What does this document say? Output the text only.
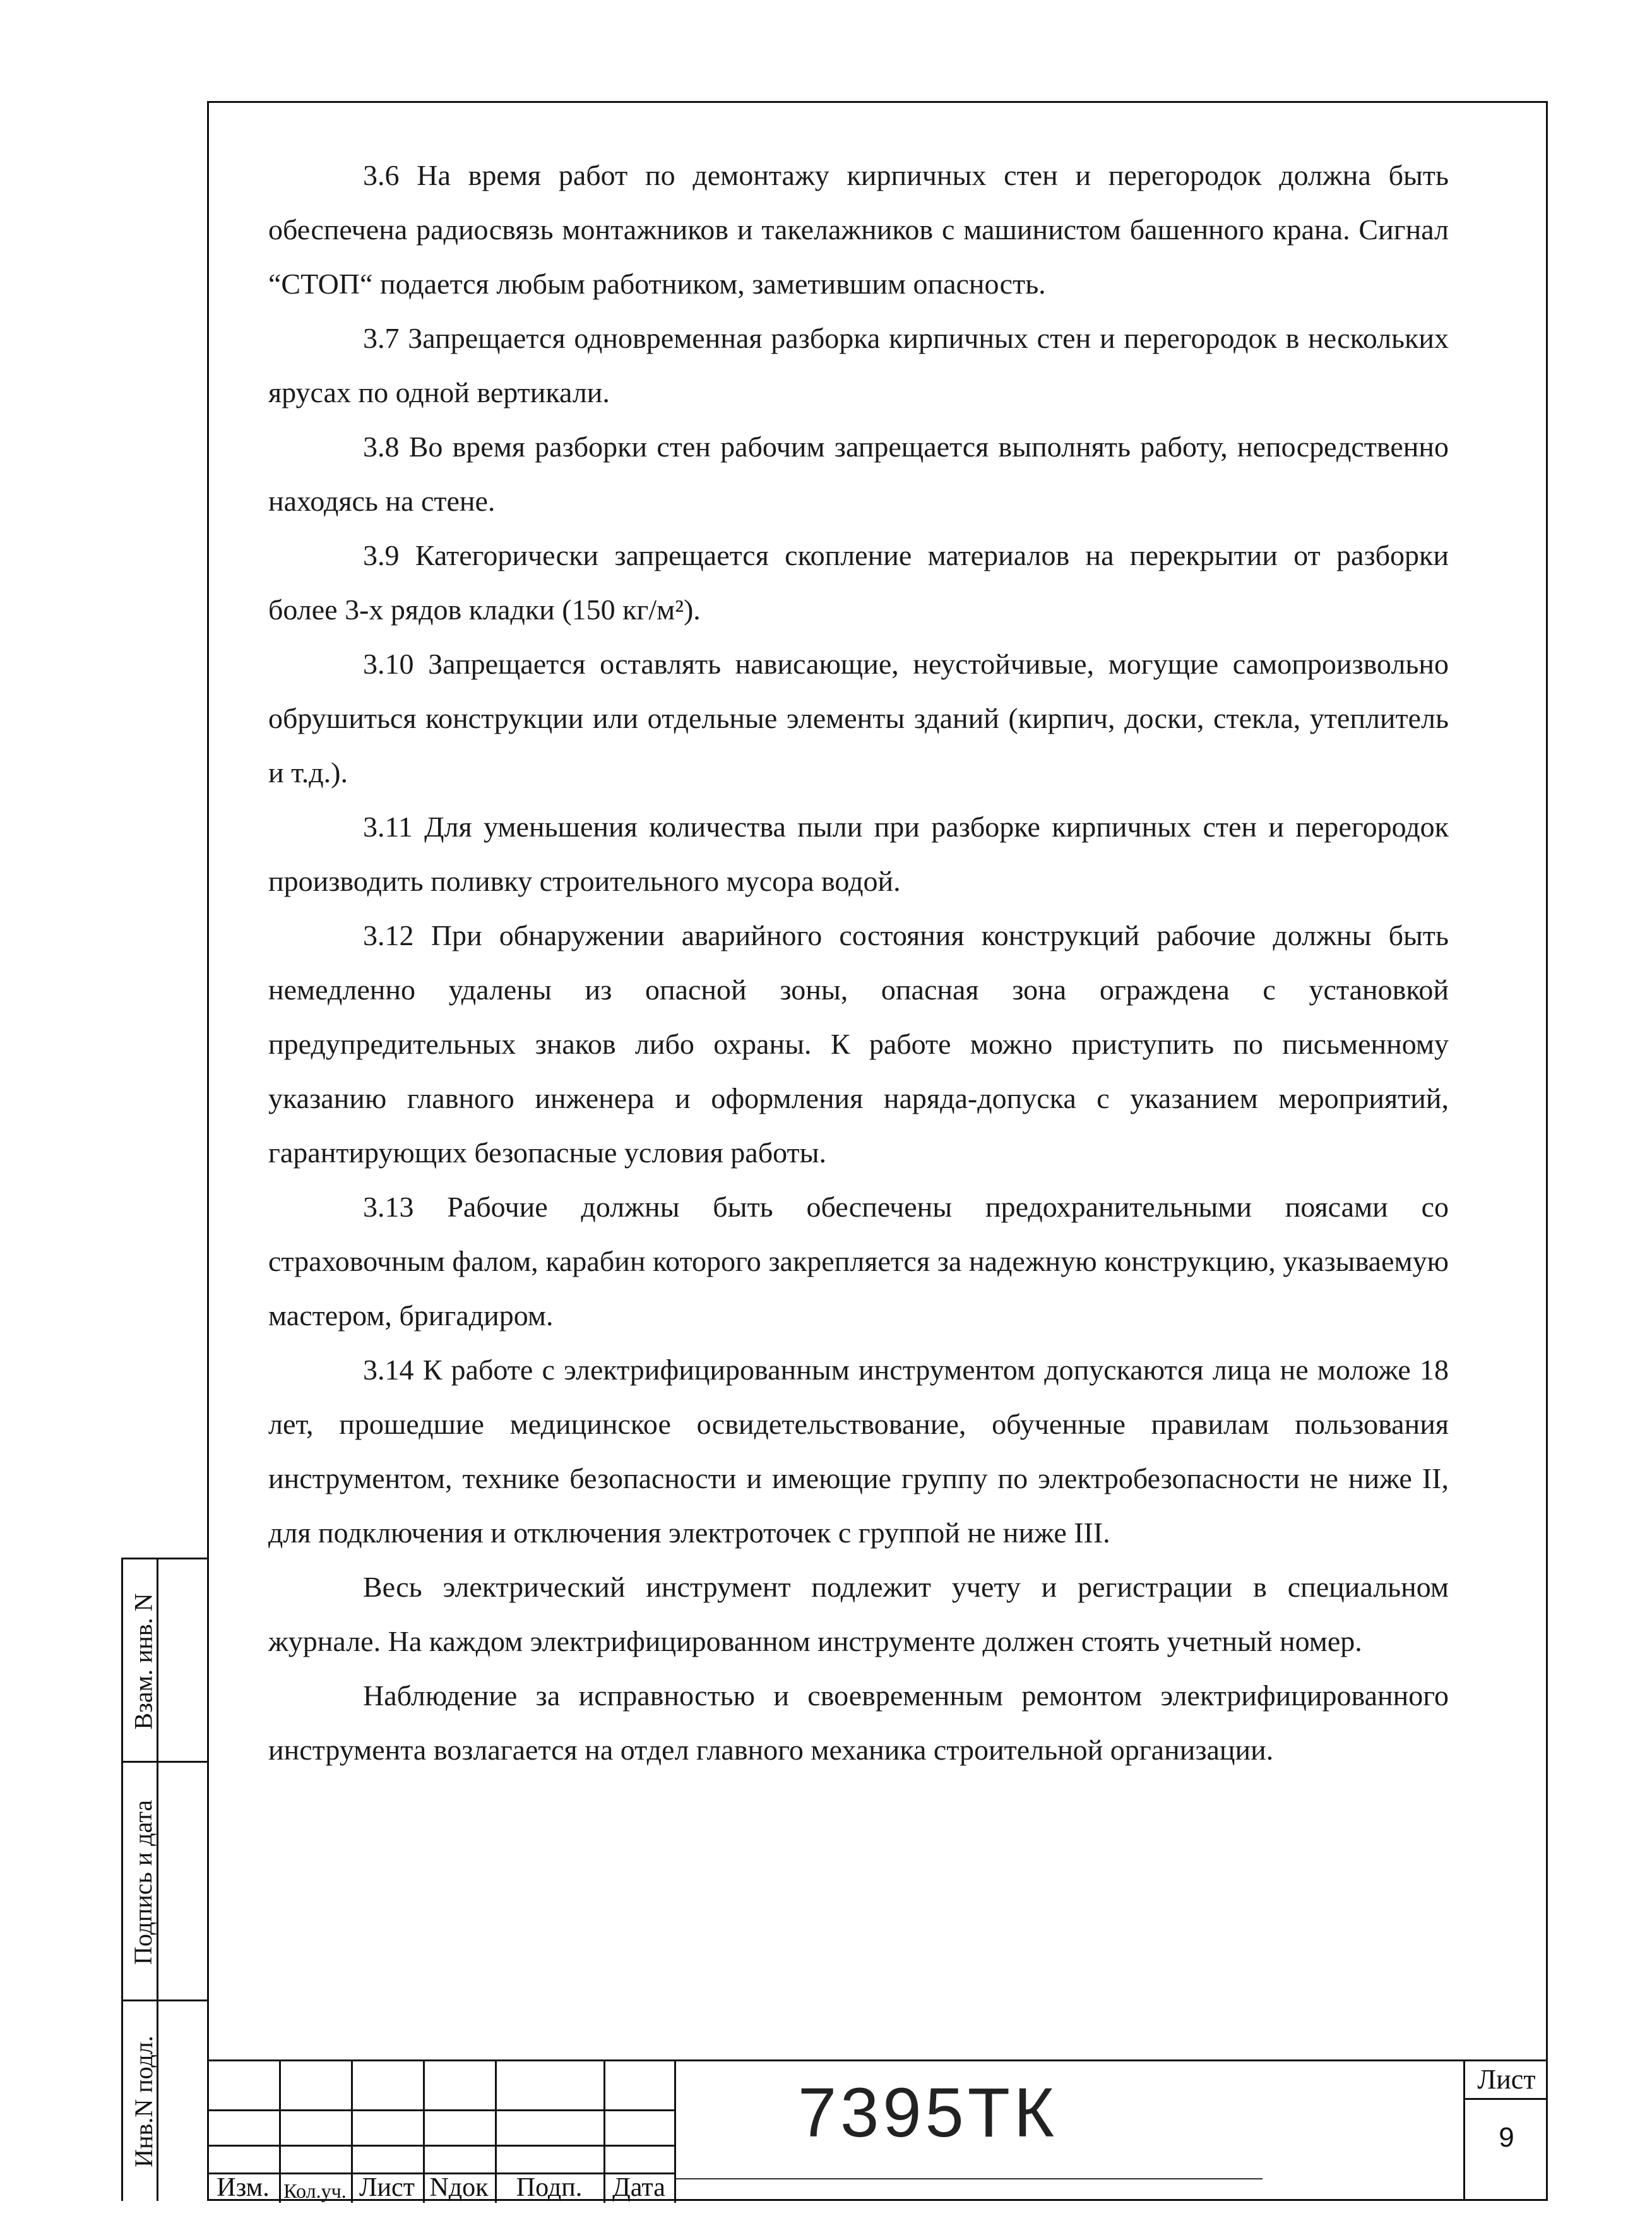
3.6 На время работ по демонтажу кирпичных стен и перегородок должна быть обеспечена радиосвязь монтажников и такелажников с машинистом башенного крана. Сигнал “СТОП“ подается любым работником, заметившим опасность.

3.7 Запрещается одновременная разборка кирпичных стен и перегородок в нескольких ярусах по одной вертикали.

3.8 Во время разборки стен рабочим запрещается выполнять работу, непосредственно находясь на стене.

3.9 Категорически запрещается скопление материалов на перекрытии от разборки более 3-х рядов кладки (150 кг/м²).

3.10 Запрещается оставлять нависающие, неустойчивые, могущие самопроизвольно обрушиться конструкции или отдельные элементы зданий (кирпич, доски, стекла, утеплитель и т.д.).

3.11 Для уменьшения количества пыли при разборке кирпичных стен и перегородок производить поливку строительного мусора водой.

3.12 При обнаружении аварийного состояния конструкций рабочие должны быть немедленно удалены из опасной зоны, опасная зона ограждена с установкой предупредительных знаков либо охраны. К работе можно приступить по письменному указанию главного инженера и оформления наряда-допуска с указанием мероприятий, гарантирующих безопасные условия работы.

3.13 Рабочие должны быть обеспечены предохранительными поясами со страховочным фалом, карабин которого закрепляется за надежную конструкцию, указываемую мастером, бригадиром.

3.14 К работе с электрифицированным инструментом допускаются лица не моложе 18 лет, прошедшие медицинское освидетельствование, обученные правилам пользования инструментом, технике безопасности и имеющие группу по электробезопасности не ниже II, для подключения и отключения электроточек с группой не ниже III.

Весь электрический инструмент подлежит учету и регистрации в специальном журнале. На каждом электрифицированном инструменте должен стоять учетный номер.

Наблюдение за исправностью и своевременным ремонтом электрифицированного инструмента возлагается на отдел главного механика строительной организации.

Взам. инв. N
Подпись и дата
Инв.N подл.
Изм. Кол.уч. Лист Nдок	Подп.	Дата
7395ТК	Лист
9
